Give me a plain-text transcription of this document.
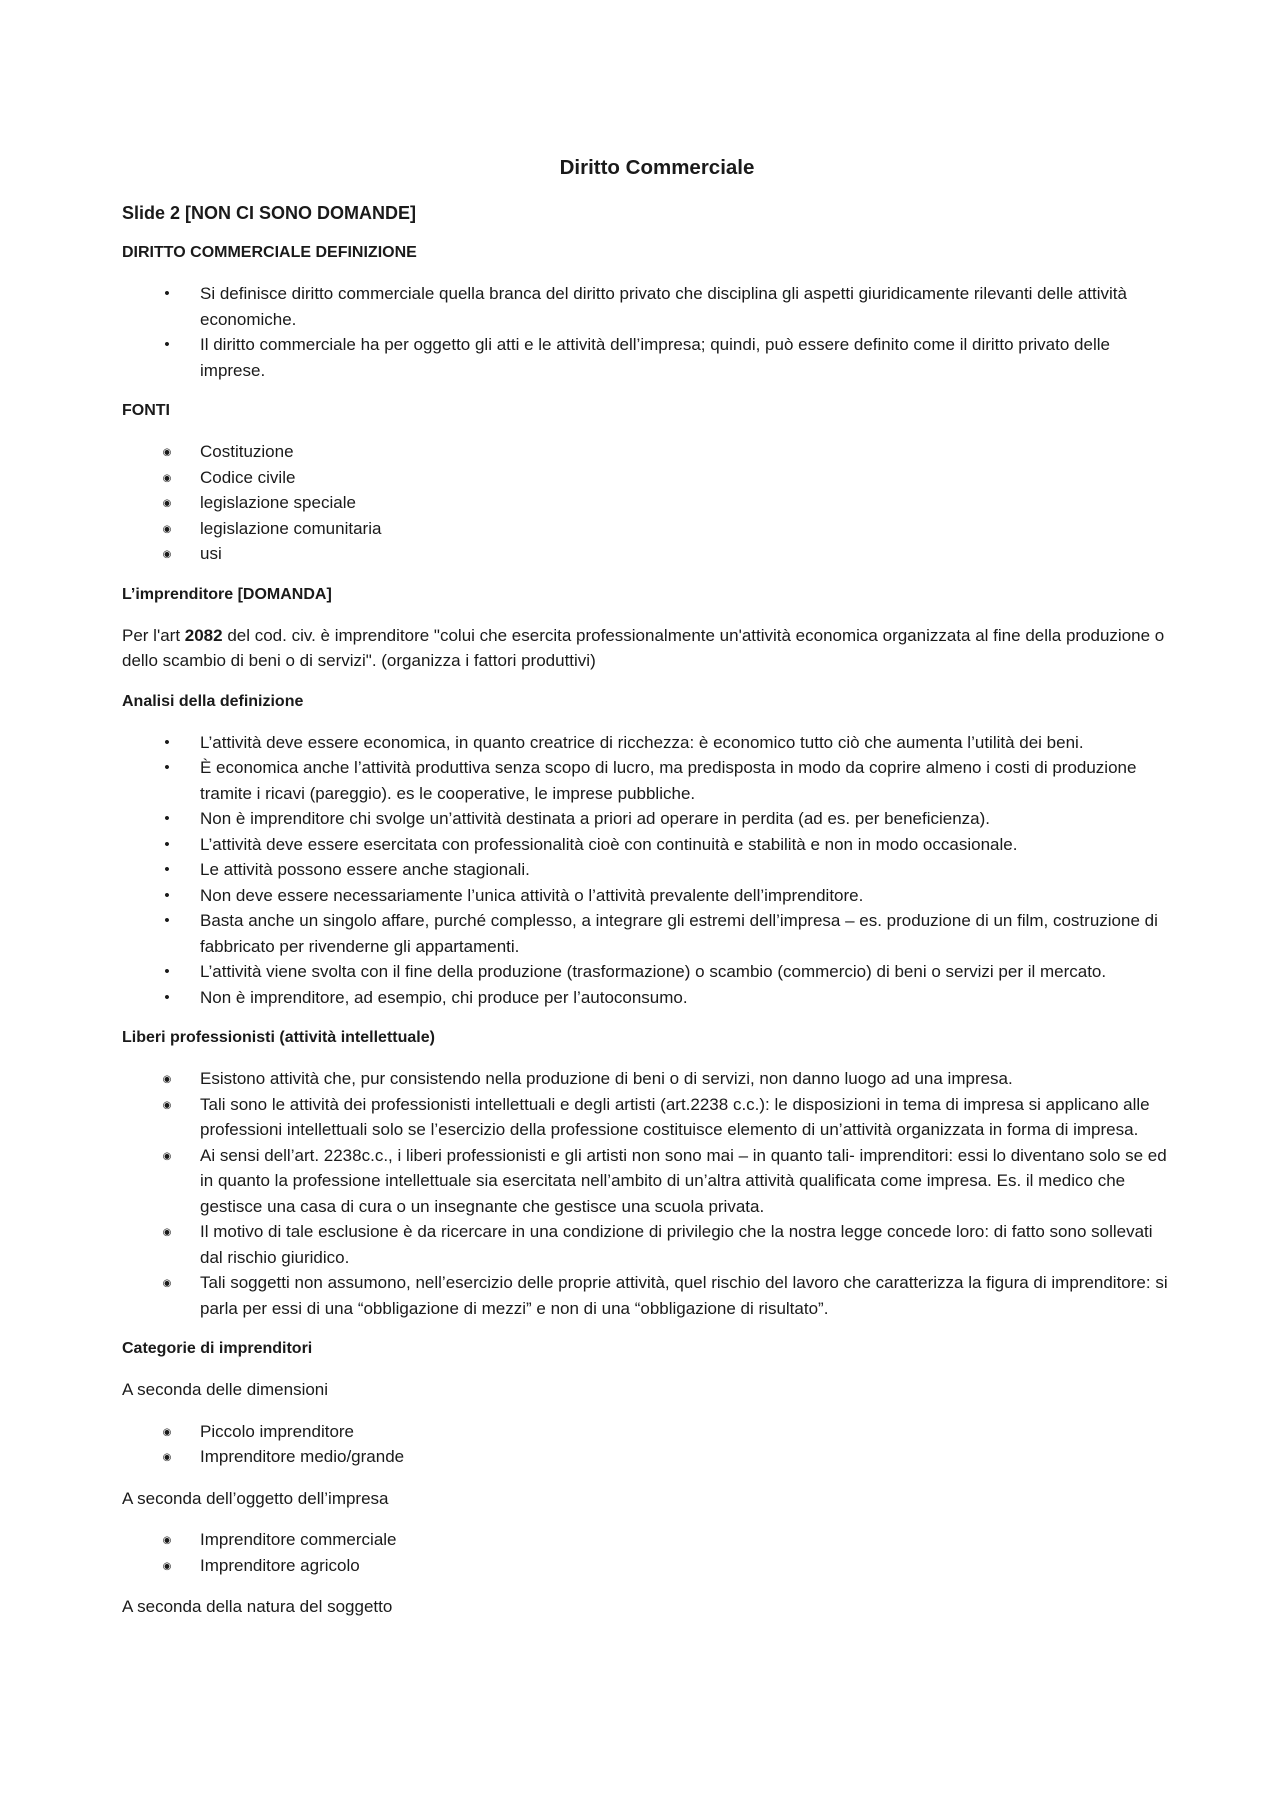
Diritto Commerciale
Slide 2 [NON CI SONO DOMANDE]
DIRITTO COMMERCIALE DEFINIZIONE
• Si definisce diritto commerciale quella branca del diritto privato che disciplina gli aspetti giuridicamente rilevanti delle attività economiche.
• Il diritto commerciale ha per oggetto gli atti e le attività dell’impresa; quindi, può essere definito come il diritto privato delle imprese.
FONTI
◉ Costituzione
◉ Codice civile
◉ legislazione speciale
◉ legislazione comunitaria
◉ usi
L’imprenditore [DOMANDA]

Per l'art 2082 del cod. civ. è imprenditore "colui che esercita professionalmente un'attività economica organizzata al fine della produzione o dello scambio di beni o di servizi". (organizza i fattori produttivi)

Analisi della definizione
• L’attività deve essere economica, in quanto creatrice di ricchezza: è economico tutto ciò che aumenta l’utilità dei beni.
• È economica anche l’attività produttiva senza scopo di lucro, ma predisposta in modo da coprire almeno i costi di produzione tramite i ricavi (pareggio). es le cooperative, le imprese pubbliche.
• Non è imprenditore chi svolge un’attività destinata a priori ad operare in perdita (ad es. per beneficienza).
• L’attività deve essere esercitata con professionalità cioè con continuità e stabilità e non in modo occasionale.
• Le attività possono essere anche stagionali.
• Non deve essere necessariamente l’unica attività o l’attività prevalente dell’imprenditore.
• Basta anche un singolo affare, purché complesso, a integrare gli estremi dell’impresa – es. produzione di un film, costruzione di fabbricato per rivenderne gli appartamenti.
• L’attività viene svolta con il fine della produzione (trasformazione) o scambio (commercio) di beni o servizi per il mercato.
• Non è imprenditore, ad esempio, chi produce per l’autoconsumo.
Liberi professionisti (attività intellettuale)
◉ Esistono attività che, pur consistendo nella produzione di beni o di servizi, non danno luogo ad una impresa.
◉ Tali sono le attività dei professionisti intellettuali e degli artisti (art.2238 c.c.): le disposizioni in tema di impresa si applicano alle professioni intellettuali solo se l’esercizio della professione costituisce elemento di un’attività organizzata in forma di impresa.
◉ Ai sensi dell’art. 2238c.c., i liberi professionisti e gli artisti non sono mai – in quanto tali- imprenditori: essi lo diventano solo se ed in quanto la professione intellettuale sia esercitata nell’ambito di un’altra attività qualificata come impresa. Es. il medico che gestisce una casa di cura o un insegnante che gestisce una scuola privata.
◉ Il motivo di tale esclusione è da ricercare in una condizione di privilegio che la nostra legge concede loro: di fatto sono sollevati dal rischio giuridico.
◉ Tali soggetti non assumono, nell’esercizio delle proprie attività, quel rischio del lavoro che caratterizza la figura di imprenditore: si parla per essi di una “obbligazione di mezzi” e non di una “obbligazione di risultato”.
Categorie di imprenditori
A seconda delle dimensioni
◉ Piccolo imprenditore
◉ Imprenditore medio/grande
A seconda dell’oggetto dell’impresa
◉ Imprenditore commerciale
◉ Imprenditore agricolo
A seconda della natura del soggetto
